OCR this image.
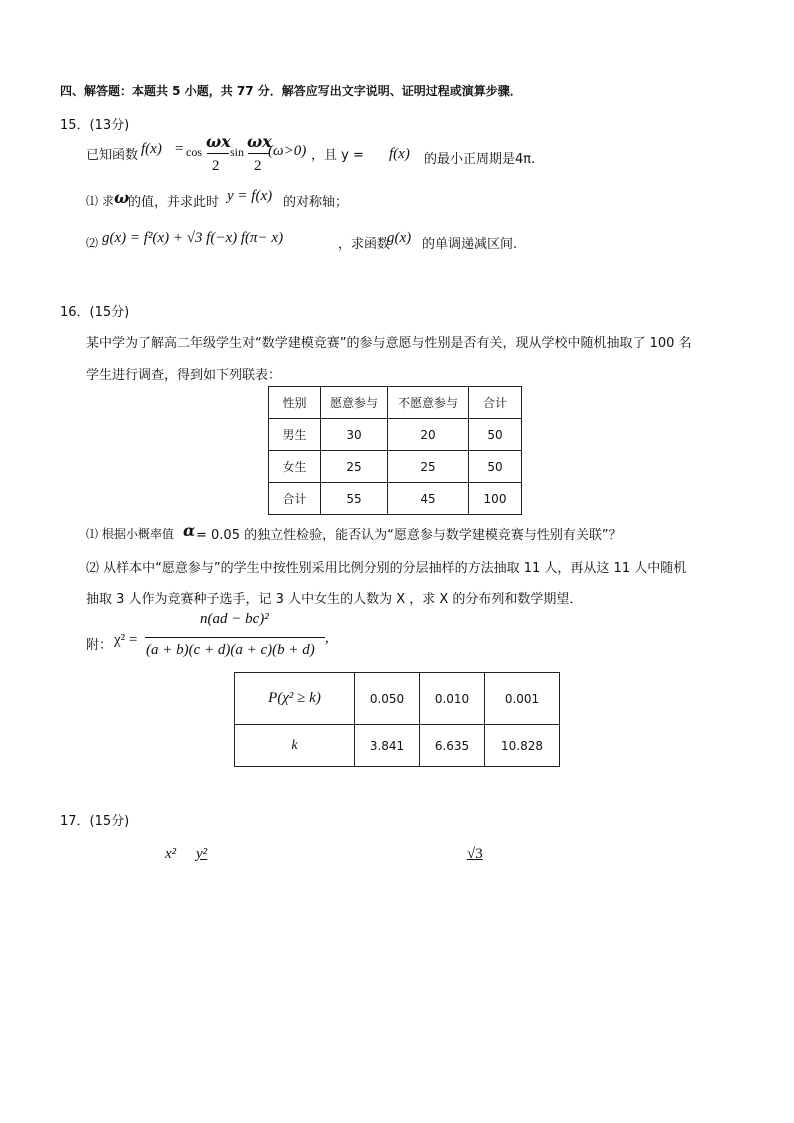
四、解答题：本题共 5 小题，共 77 分．解答应写出文字说明、证明过程或演算步骤．
15．(13分)
已知函数 f(x) = cos
ωx
2
sin
ωx
2
(ω>0) ，且 y = f(x) 的最小正周期是4π.
⑴ 求 ω
的值，并求此时 y = f(x) 的对称轴；
⑵ g(x) = f²(x) + √3 f(−x) f(π− x)	，求函数
g(x) 的单调递减区间.
16．(15分)
某中学为了解高二年级学生对“数学建模竞赛”的参与意愿与性别是否有关，现从学校中随机抽取了 100 名
学生进行调查，得到如下列联表：
性别	愿意参与	不愿意参与	合计
男生	30	20	50
女生	25	25	50
合计	55	45	100
⑴ 根据小概率值 α = 0.05 的独立性检验，能否认为“愿意参与数学建模竞赛与性别有关联”？
⑵ 从样本中“愿意参与”的学生中按性别采用比例分别的分层抽样的方法抽取 11 人，再从这 11 人中随机
抽取 3 人作为竞赛种子选手，记 3 人中女生的人数为 X ，求 X 的分布列和数学期望．
附： χ² =
n(ad − bc)²
(a + b)(c + d)(a + c)(b + d)
,
P(χ² ≥ k)	0.050	0.010	0.001
k	3.841	6.635	10.828
17．(15分)
x² y²	√3
